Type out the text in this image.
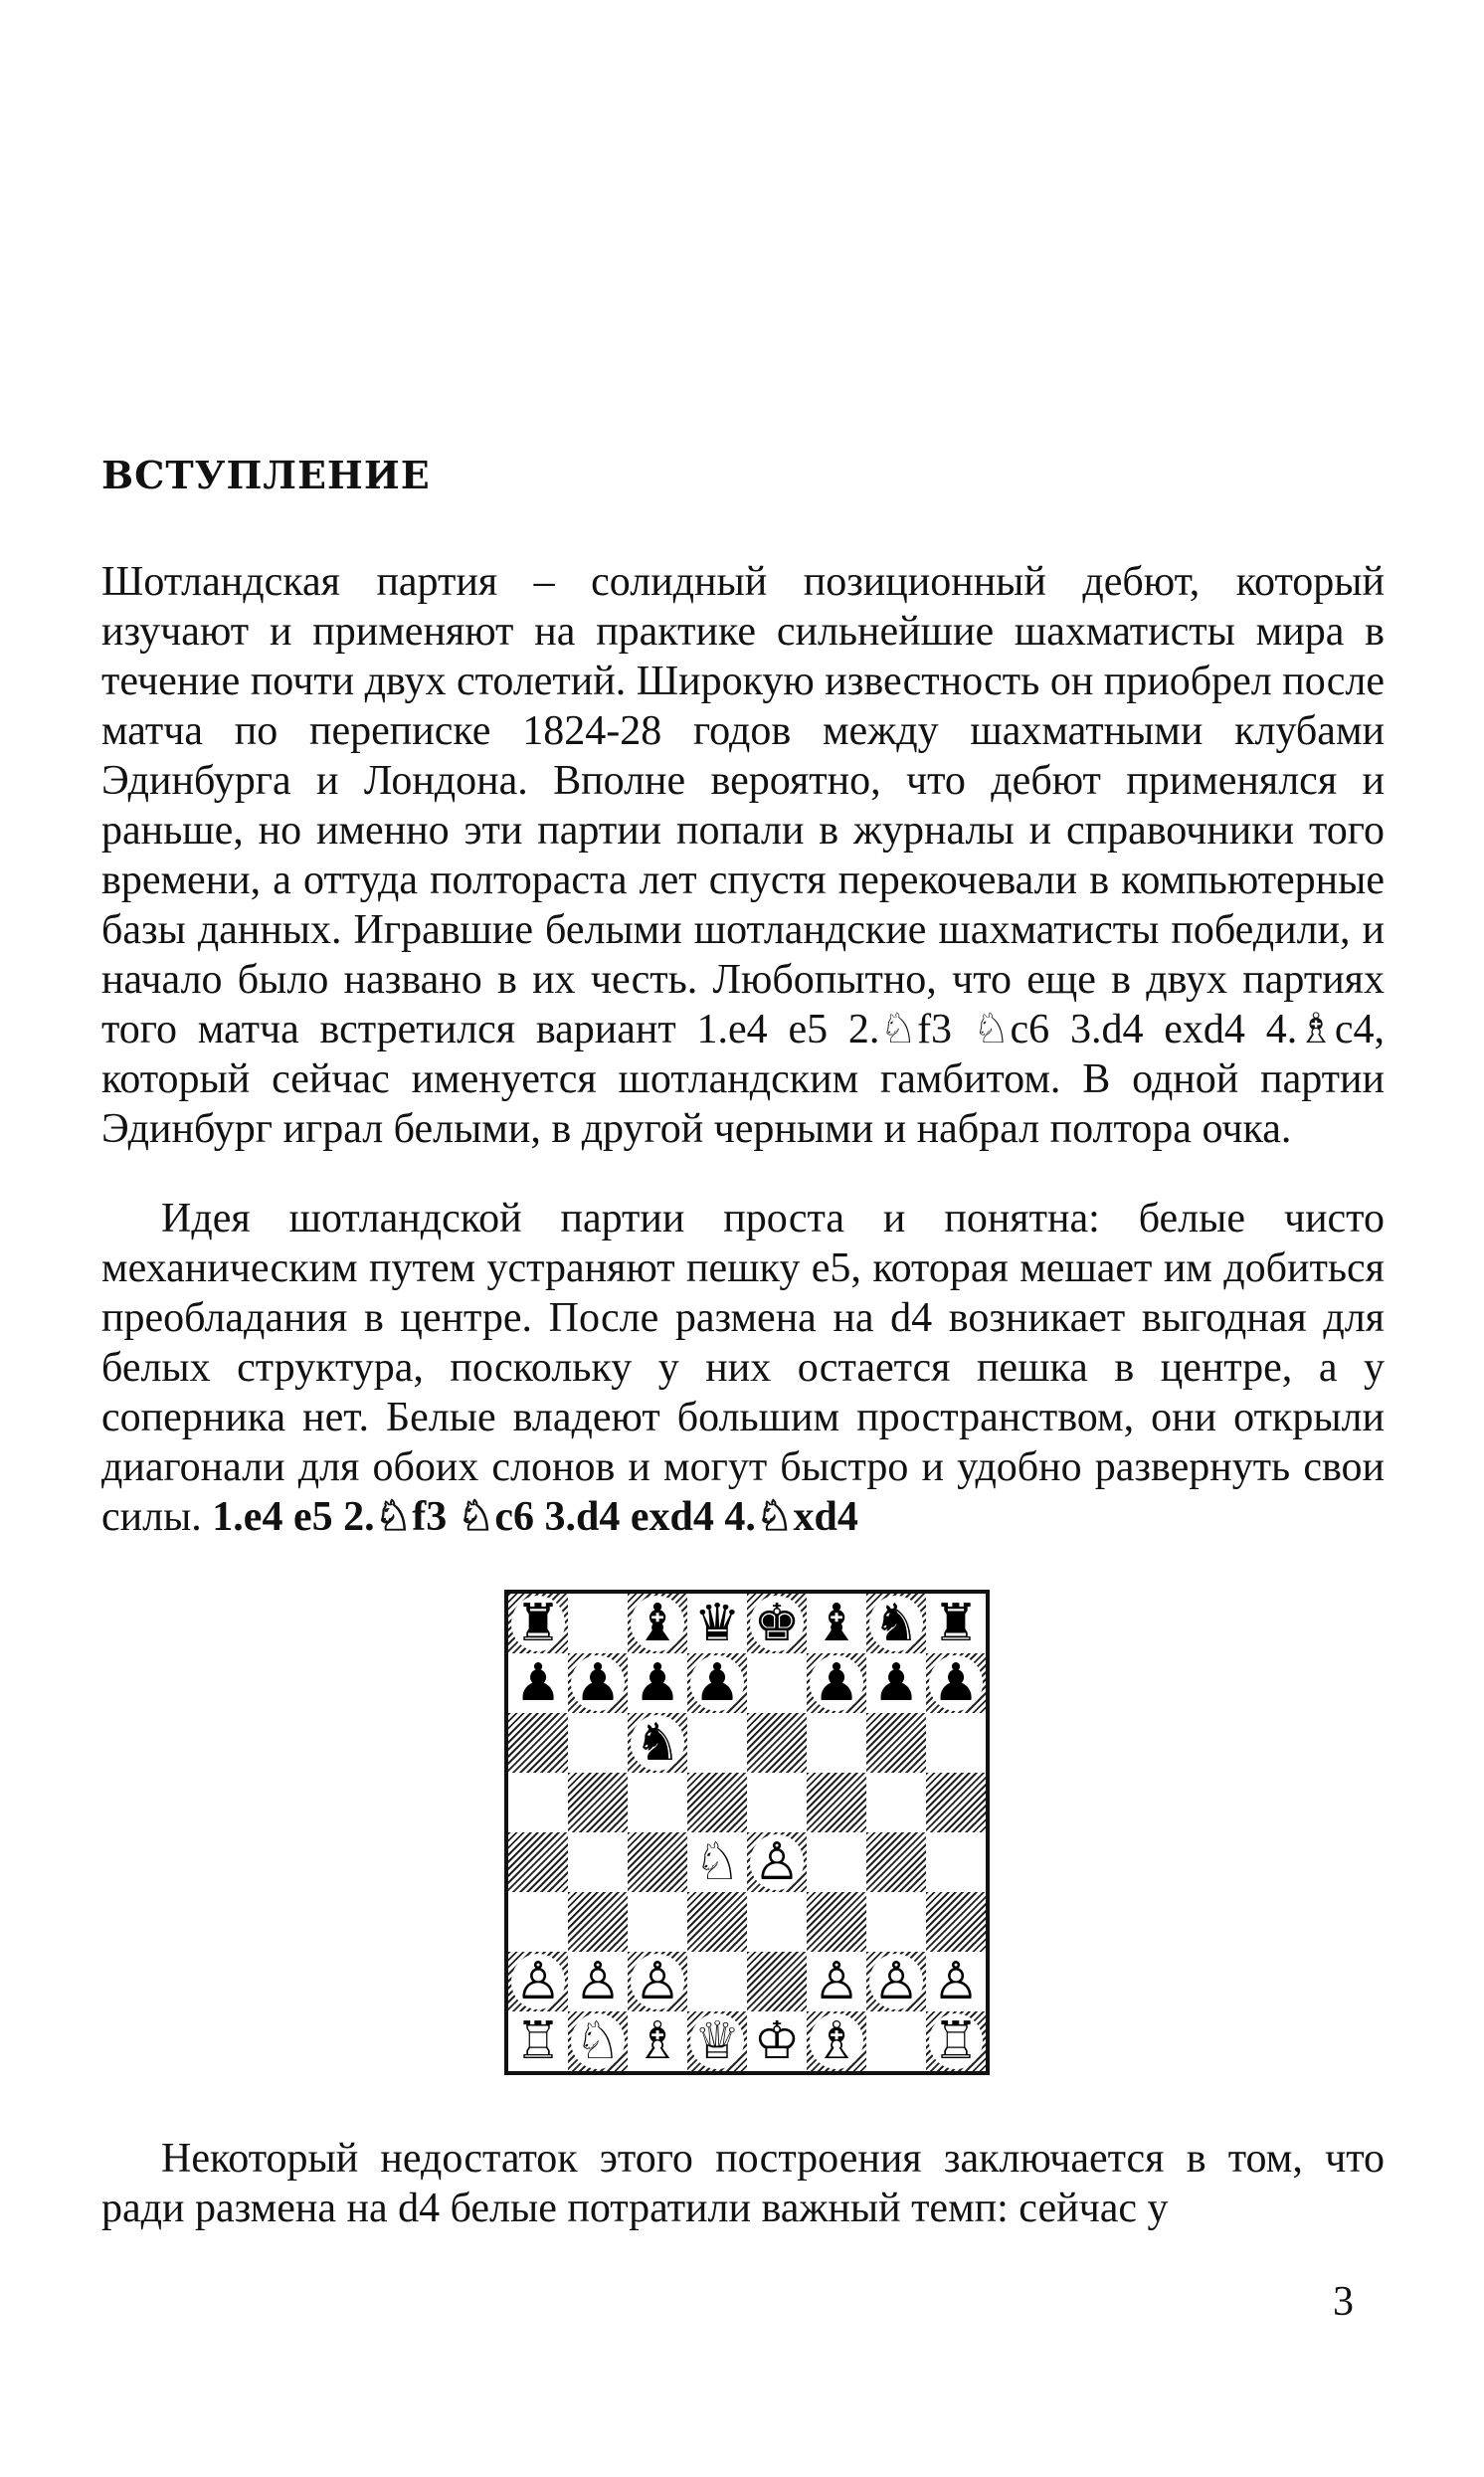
ВСТУПЛЕНИЕ

Шотландская партия – солидный позиционный дебют, который изучают и применяют на практике сильнейшие шахматисты мира в течение почти двух столетий. Широкую известность он приобрел после матча по переписке 1824-28 годов между шахматными клубами Эдинбурга и Лондона. Вполне вероятно, что дебют применялся и раньше, но именно эти партии попали в журналы и справочники того времени, а оттуда полтораста лет спустя перекочевали в компьютерные базы данных. Игравшие белыми шотландские шахматисты победили, и начало было названо в их честь. Любопытно, что еще в двух партиях того матча встретился вариант 1.e4 e5 2.♘f3 ♘c6 3.d4 exd4 4.♗c4, который сейчас именуется шотландским гамбитом. В одной партии Эдинбург играл белыми, в другой черными и набрал полтора очка.

Идея шотландской партии проста и понятна: белые чисто механическим путем устраняют пешку e5, которая мешает им добиться преобладания в центре. После размена на d4 возникает выгодная для белых структура, поскольку у них остается пешка в центре, а у соперника нет. Белые владеют большим пространством, они открыли диагонали для обоих слонов и могут быстро и удобно развернуть свои силы. 1.e4 e5 2.♘f3 ♘c6 3.d4 exd4 4.♘xd4

♜ ♝ ♛ ♚ ♝ ♞ ♜
♟ ♟ ♟ ♟ ♟ ♟ ♟
♞
♘ ♙
♙ ♙ ♙	♙ ♙ ♙
♖ ♘ ♗ ♕ ♔ ♗ ♖

Некоторый недостаток этого построения заключается в том, что ради размена на d4 белые потратили важный темп: сейчас у

3
